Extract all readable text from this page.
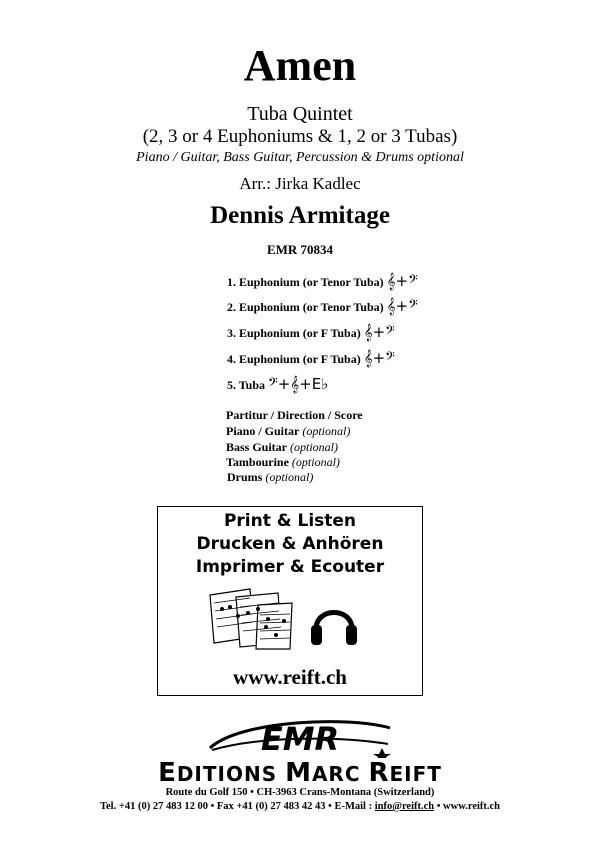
Amen
Tuba Quintet
(2, 3 or 4 Euphoniums & 1, 2 or 3 Tubas)
Piano / Guitar, Bass Guitar, Percussion & Drums optional
Arr.: Jirka Kadlec
Dennis Armitage
EMR 70834
1. Euphonium (or Tenor Tuba) 𝄞+𝄢
2. Euphonium (or Tenor Tuba) 𝄞+𝄢
3. Euphonium (or F Tuba) 𝄞+𝄢
4. Euphonium (or F Tuba) 𝄞+𝄢
5. Tuba 𝄢+𝄞+E♭
Partitur / Direction / Score
Piano / Guitar (optional)
Bass Guitar (optional)
Tambourine (optional)
Drums (optional)
Print & Listen
Drucken & Anhören
Imprimer & Ecouter
www.reift.ch
EMR
EDITIONS MARC REIFT
Route du Golf 150 • CH-3963 Crans-Montana (Switzerland)
Tel. +41 (0) 27 483 12 00 • Fax +41 (0) 27 483 42 43 • E-Mail : info@reift.ch • www.reift.ch
